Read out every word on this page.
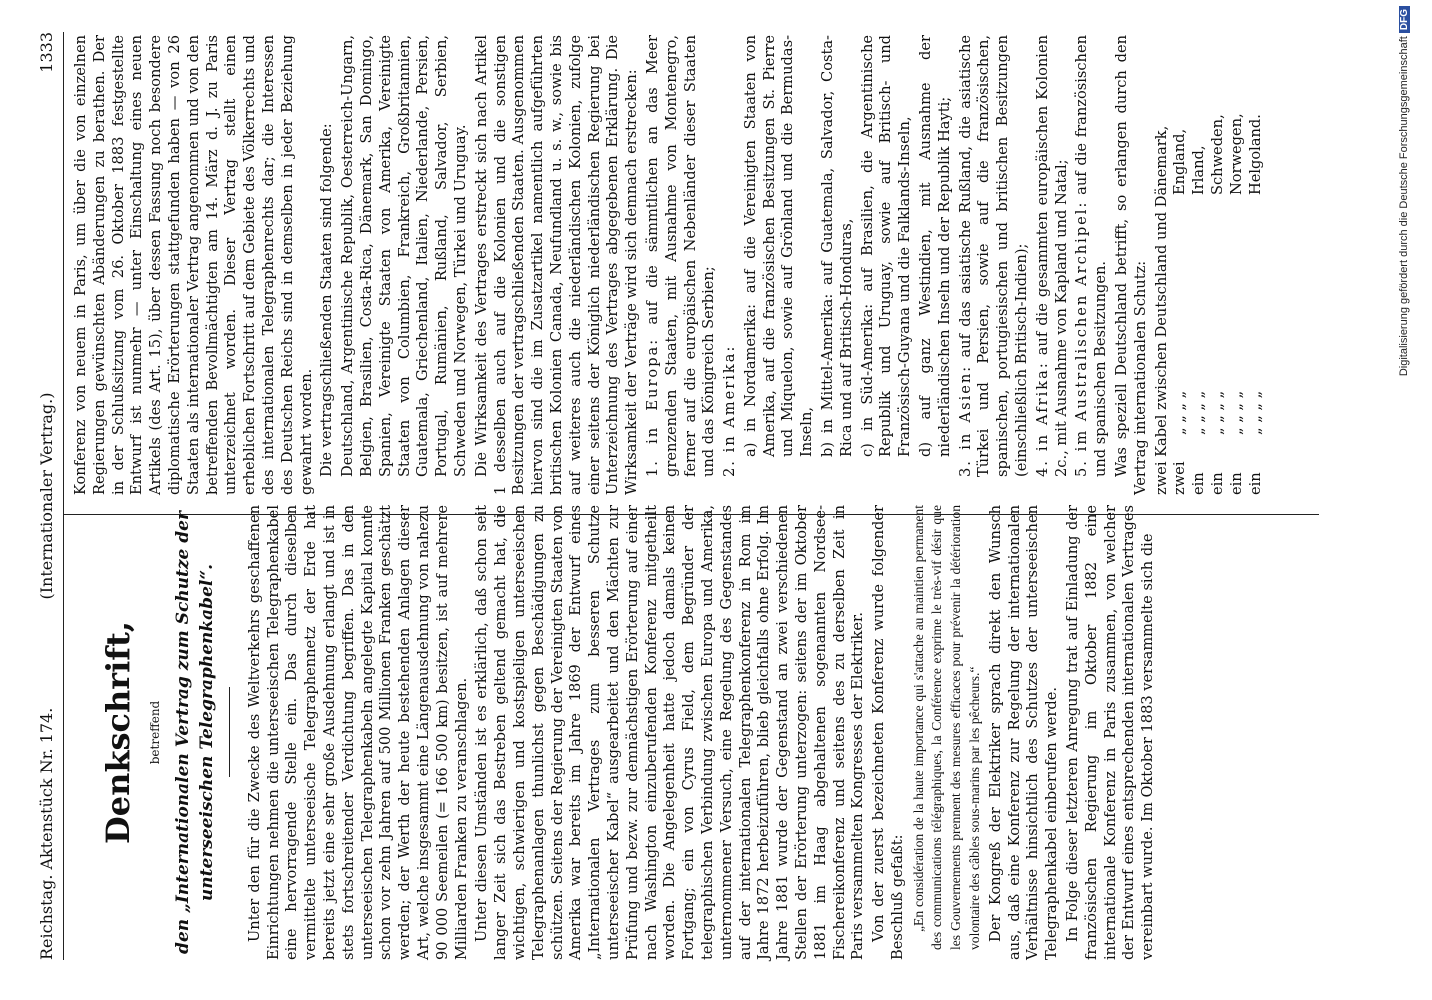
Reichstag. Aktenstück Nr. 174.
(Internationaler Vertrag.)
1333
Denkschrift, betreffend den „Internationalen Vertrag zum Schutze der unterseeischen Telegraphenkabel“. Unter den für die Zwecke des Weltverkehrs geschaffenen Einrichtungen nehmen die unterseeischen Telegraphenkabel eine hervorragende Stelle ein. Das durch dieselben vermittelte unterseeische Telegraphennetz der Erde hat bereits jetzt eine sehr große Ausdehnung erlangt und ist in stets fortschreitender Verdichtung begriffen. Das in den unterseeischen Telegraphenkabeln angelegte Kapital konnte schon vor zehn Jahren auf 500 Millionen Franken geschätzt werden; der Werth der heute bestehenden Anlagen dieser Art, welche insgesammt eine Längenausdehnung von nahezu 90 000 Seemeilen (= 166 500 km) besitzen, ist auf mehrere Milliarden Franken zu veranschlagen. Unter diesen Umständen ist es erklärlich, daß schon seit langer Zeit sich das Bestreben geltend gemacht hat, die wichtigen, schwierigen und kostspieligen unterseeischen Telegraphenanlagen thunlichst gegen Beschädigungen zu schützen. Seitens der Regierung der Vereinigten Staaten von Amerika war bereits im Jahre 1869 der Entwurf eines „Internationalen Vertrages zum besseren Schutze unterseeischer Kabel“ ausgearbeitet und den Mächten zur Prüfung und bezw. zur demnächstigen Erörterung auf einer nach Washington einzuberufenden Konferenz mitgetheilt worden. Die Angelegenheit hatte jedoch damals keinen Fortgang; ein von Cyrus Field, dem Begründer der telegraphischen Verbindung zwischen Europa und Amerika, unternommener Versuch, eine Regelung des Gegenstandes auf der internationalen Telegraphenkonferenz in Rom im Jahre 1872 herbeizuführen, blieb gleichfalls ohne Erfolg. Im Jahre 1881 wurde der Gegenstand an zwei verschiedenen Stellen der Erörterung unterzogen: seitens der im Oktober 1881 im Haag abgehaltenen sogenannten Nordsee-Fischereikonferenz und seitens des zu derselben Zeit in Paris versammelten Kongresses der Elektriker. Von der zuerst bezeichneten Konferenz wurde folgender Beschluß gefaßt: „En considération de la haute importance qui s'attache au maintien permanent des communications télégraphiques, la Conférence exprime le très-vif désir que les Gouvernements prennent des mesures efficaces pour prévenir la détérioration volontaire des câbles sous-marins par les pêcheurs.“ Der Kongreß der Elektriker sprach direkt den Wunsch aus, daß eine Konferenz zur Regelung der internationalen Verhältnisse hinsichtlich des Schutzes der unterseeischen Telegraphenkabel einberufen werde. In Folge dieser letzteren Anregung trat auf Einladung der französischen Regierung im Oktober 1882 eine internationale Konferenz in Paris zusammen, von welcher der Entwurf eines entsprechenden internationalen Vertrages vereinbart wurde. Im Oktober 1883 versammelte sich die

Konferenz von neuem in Paris, um über die von einzelnen Regierungen gewünschten Abänderungen zu berathen. Der in der Schlußsitzung vom 26. Oktober 1883 festgestellte Entwurf ist nunmehr — unter Einschaltung eines neuen Artikels (des Art. 15), über dessen Fassung noch besondere diplomatische Erörterungen stattgefunden haben — von 26 Staaten als internationaler Vertrag angenommen und von den betreffenden Bevollmächtigten am 14. März d. J. zu Paris unterzeichnet worden. Dieser Vertrag stellt einen erheblichen Fortschritt auf dem Gebiete des Völkerrechts und des internationalen Telegraphenrechts dar; die Interessen des Deutschen Reichs sind in demselben in jeder Beziehung gewahrt worden. Die vertragschließenden Staaten sind folgende: Deutschland, Argentinische Republik, Oesterreich-Ungarn, Belgien, Brasilien, Costa-Rica, Dänemark, San Domingo, Spanien, Vereinigte Staaten von Amerika, Vereinigte Staaten von Columbien, Frankreich, Großbritannien, Guatemala, Griechenland, Italien, Niederlande, Persien, Portugal, Rumänien, Rußland, Salvador, Serbien, Schweden und Norwegen, Türkei und Uruguay. Die Wirksamkeit des Vertrages erstreckt sich nach Artikel 1 desselben auch auf die Kolonien und die sonstigen Besitzungen der vertragschließenden Staaten. Ausgenommen hiervon sind die im Zusatzartikel namentlich aufgeführten britischen Kolonien Canada, Neufundland u. s. w., sowie bis auf weiteres auch die niederländischen Kolonien, zufolge einer seitens der Königlich niederländischen Regierung bei Unterzeichnung des Vertrages abgegebenen Erklärung. Die Wirksamkeit der Verträge wird sich demnach erstrecken: 1. in Europa: auf die sämmtlichen an das Meer grenzenden Staaten, mit Ausnahme von Montenegro, ferner auf die europäischen Nebenländer dieser Staaten und das Königreich Serbien; 2. in Amerika: a) in Nordamerika: auf die Vereinigten Staaten von Amerika, auf die französischen Besitzungen St. Pierre und Miquelon, sowie auf Grönland und die Bermudas-Inseln, b) in Mittel-Amerika: auf Guatemala, Salvador, Costa-Rica und auf Britisch-Honduras, c) in Süd-Amerika: auf Brasilien, die Argentinische Republik und Uruguay, sowie auf Britisch- und Französisch-Guyana und die Falklands-Inseln, d) auf ganz Westindien, mit Ausnahme der niederländischen Inseln und der Republik Hayti; 3. in Asien: auf das asiatische Rußland, die asiatische Türkei und Persien, sowie auf die französischen, spanischen, portugiesischen und britischen Besitzungen (einschließlich Britisch-Indien); 4. in Afrika: auf die gesammten europäischen Kolonien 2c., mit Ausnahme von Kapland und Natal; 5. im Australischen Archipel: auf die französischen und spanischen Besitzungen. Was speziell Deutschland betrifft, so erlangen durch den Vertrag internationalen Schutz: zwei Kabel zwischen Deutschland und Dänemark,
zwei„ „ „ „England,
ein„ „ „ „Irland,
ein„ „ „ „Schweden,
ein„ „ „ „Norwegen,
ein„ „ „ „Helgoland.	Digitalisierung gefördert durch die Deutsche Forschungsgemeinschaft DFG
